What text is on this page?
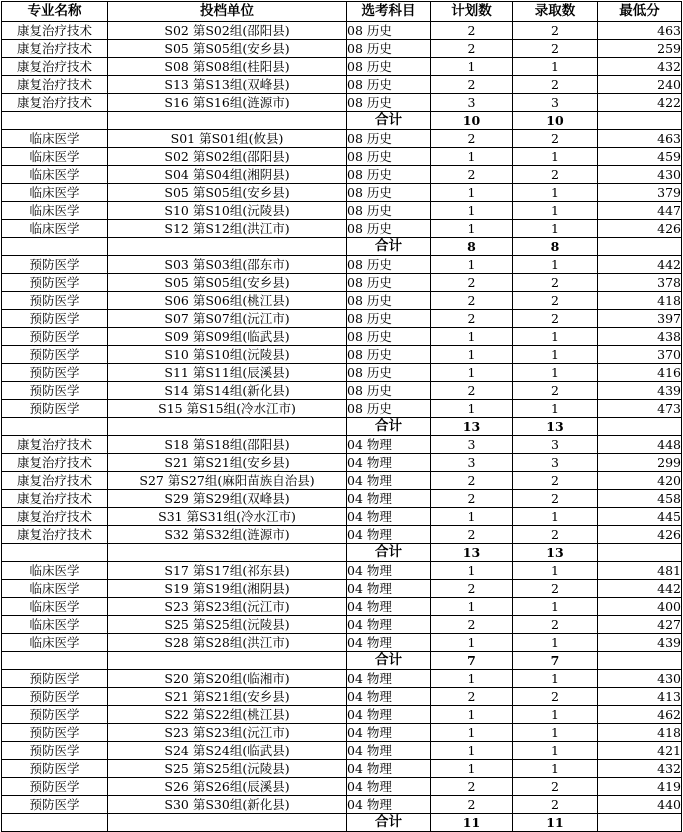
专业名称	投档单位	选考科目	计划数	录取数	最低分
康复治疗技术	S02 第S02组(邵阳县)	08 历史	2	2	463
康复治疗技术	S05 第S05组(安乡县)	08 历史	2	2	259
康复治疗技术	S08 第S08组(桂阳县)	08 历史	1	1	432
康复治疗技术	S13 第S13组(双峰县)	08 历史	2	2	240
康复治疗技术	S16 第S16组(涟源市)	08 历史	3	3	422
		合计	10	10	
临床医学	S01 第S01组(攸县)	08 历史	2	2	463
临床医学	S02 第S02组(邵阳县)	08 历史	1	1	459
临床医学	S04 第S04组(湘阴县)	08 历史	2	2	430
临床医学	S05 第S05组(安乡县)	08 历史	1	1	379
临床医学	S10 第S10组(沅陵县)	08 历史	1	1	447
临床医学	S12 第S12组(洪江市)	08 历史	1	1	426
		合计	8	8	
预防医学	S03 第S03组(邵东市)	08 历史	1	1	442
预防医学	S05 第S05组(安乡县)	08 历史	2	2	378
预防医学	S06 第S06组(桃江县)	08 历史	2	2	418
预防医学	S07 第S07组(沅江市)	08 历史	2	2	397
预防医学	S09 第S09组(临武县)	08 历史	1	1	438
预防医学	S10 第S10组(沅陵县)	08 历史	1	1	370
预防医学	S11 第S11组(辰溪县)	08 历史	1	1	416
预防医学	S14 第S14组(新化县)	08 历史	2	2	439
预防医学	S15 第S15组(冷水江市)	08 历史	1	1	473
		合计	13	13	
康复治疗技术	S18 第S18组(邵阳县)	04 物理	3	3	448
康复治疗技术	S21 第S21组(安乡县)	04 物理	3	3	299
康复治疗技术	S27 第S27组(麻阳苗族自治县)	04 物理	2	2	420
康复治疗技术	S29 第S29组(双峰县)	04 物理	2	2	458
康复治疗技术	S31 第S31组(冷水江市)	04 物理	1	1	445
康复治疗技术	S32 第S32组(涟源市)	04 物理	2	2	426
		合计	13	13	
临床医学	S17 第S17组(祁东县)	04 物理	1	1	481
临床医学	S19 第S19组(湘阴县)	04 物理	2	2	442
临床医学	S23 第S23组(沅江市)	04 物理	1	1	400
临床医学	S25 第S25组(沅陵县)	04 物理	2	2	427
临床医学	S28 第S28组(洪江市)	04 物理	1	1	439
		合计	7	7	
预防医学	S20 第S20组(临湘市)	04 物理	1	1	430
预防医学	S21 第S21组(安乡县)	04 物理	2	2	413
预防医学	S22 第S22组(桃江县)	04 物理	1	1	462
预防医学	S23 第S23组(沅江市)	04 物理	1	1	418
预防医学	S24 第S24组(临武县)	04 物理	1	1	421
预防医学	S25 第S25组(沅陵县)	04 物理	1	1	432
预防医学	S26 第S26组(辰溪县)	04 物理	2	2	419
预防医学	S30 第S30组(新化县)	04 物理	2	2	440
		合计	11	11	
